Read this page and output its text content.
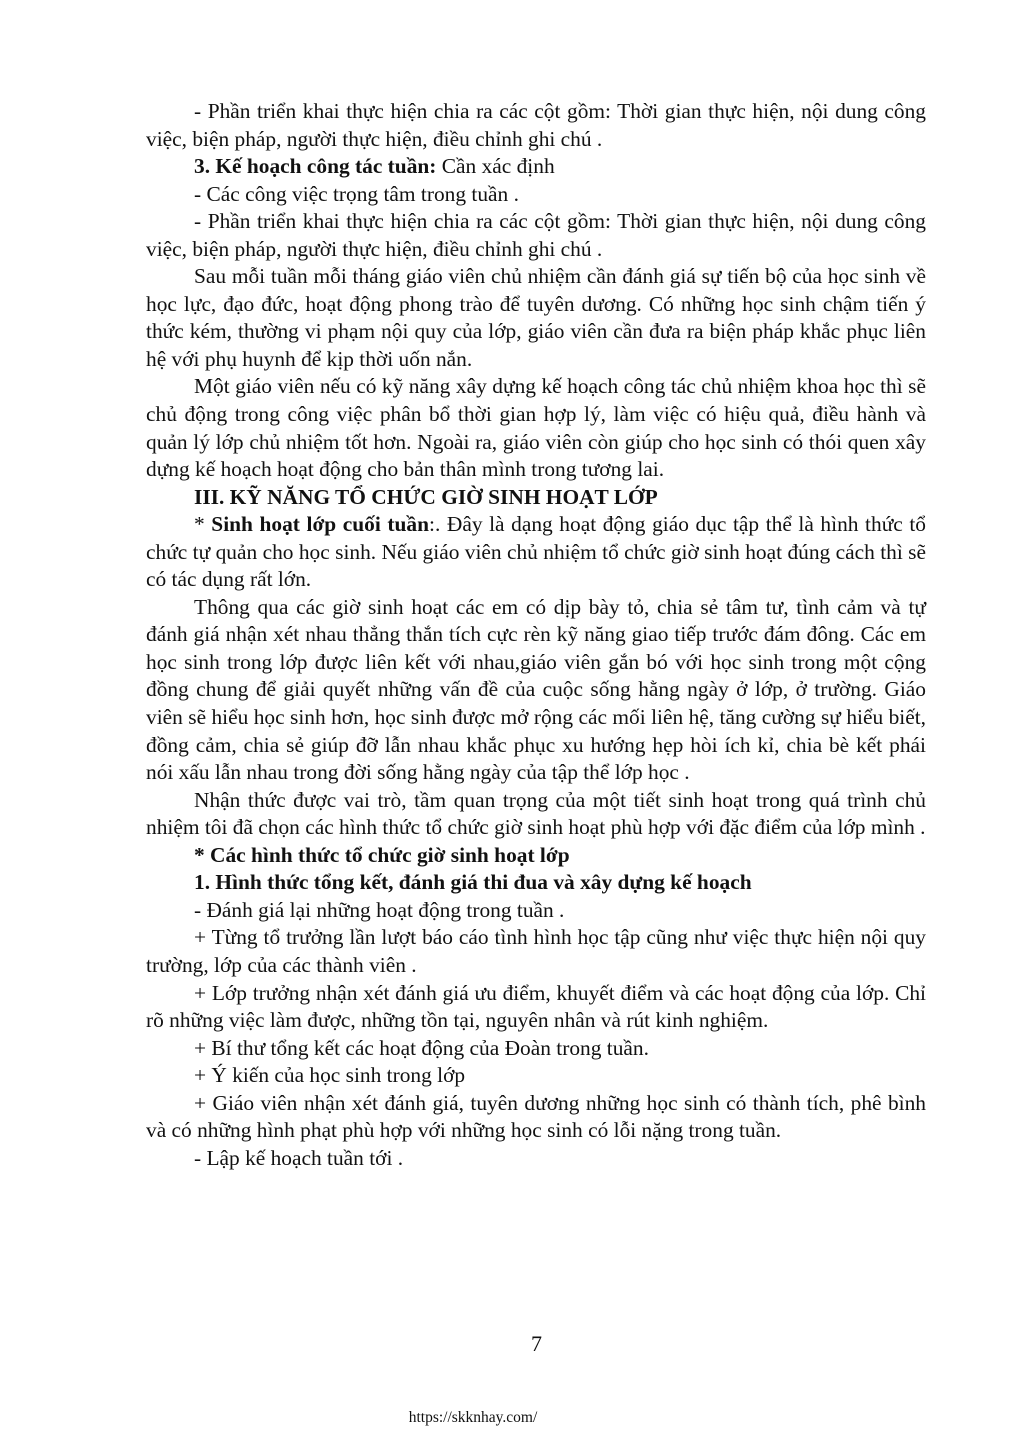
- Phần triển khai thực hiện chia ra các cột gồm: Thời gian thực hiện, nội dung công việc, biện pháp, người thực hiện, điều chỉnh ghi chú .

3. Kế hoạch công tác tuần: Cần xác định

- Các công việc trọng tâm trong tuần .

- Phần triển khai thực hiện chia ra các cột gồm: Thời gian thực hiện, nội dung công việc, biện pháp, người thực hiện, điều chỉnh ghi chú .

Sau mỗi tuần mỗi tháng giáo viên chủ nhiệm cần đánh giá sự tiến bộ của học sinh về học lực, đạo đức, hoạt động phong trào để tuyên dương. Có những học sinh chậm tiến ý thức kém, thường vi phạm nội quy của lớp, giáo viên cần đưa ra biện pháp khắc phục liên hệ với phụ huynh để kịp thời uốn nắn.

Một giáo viên nếu có kỹ năng xây dựng kế hoạch công tác chủ nhiệm khoa học thì sẽ chủ động trong công việc phân bổ thời gian hợp lý, làm việc có hiệu quả, điều hành và quản lý lớp chủ nhiệm tốt hơn. Ngoài ra, giáo viên còn giúp cho học sinh có thói quen xây dựng kế hoạch hoạt động cho bản thân mình trong tương lai.

III. KỸ NĂNG TỔ CHỨC GIỜ SINH HOẠT LỚP

* Sinh hoạt lớp cuối tuần:. Đây là dạng hoạt động giáo dục tập thể là hình thức tổ chức tự quản cho học sinh. Nếu giáo viên chủ nhiệm tổ chức giờ sinh hoạt đúng cách thì sẽ có tác dụng rất lớn.

Thông qua các giờ sinh hoạt các em có dịp bày tỏ, chia sẻ tâm tư, tình cảm và tự đánh giá nhận xét nhau thẳng thắn tích cực rèn kỹ năng giao tiếp trước đám đông. Các em học sinh trong lớp được liên kết với nhau,giáo viên gắn bó với học sinh trong một cộng đồng chung để giải quyết những vấn đề của cuộc sống hằng ngày ở lớp, ở trường. Giáo viên sẽ hiểu học sinh hơn, học sinh được mở rộng các mối liên hệ, tăng cường sự hiểu biết, đồng cảm, chia sẻ giúp đỡ lẫn nhau khắc phục xu hướng hẹp hòi ích kỉ, chia bè kết phái nói xấu lẫn nhau trong đời sống hằng ngày của tập thể lớp học .

Nhận thức được vai trò, tầm quan trọng của một tiết sinh hoạt trong quá trình chủ nhiệm tôi đã chọn các hình thức tổ chức giờ sinh hoạt phù hợp với đặc điểm của lớp mình .

* Các hình thức tổ chức giờ sinh hoạt lớp

1. Hình thức tổng kết, đánh giá thi đua và xây dựng kế hoạch

- Đánh giá lại những hoạt động trong tuần .

+ Từng tổ trưởng lần lượt báo cáo tình hình học tập cũng như việc thực hiện nội quy trường, lớp của các thành viên .

+ Lớp trưởng nhận xét đánh giá ưu điểm, khuyết điểm và các hoạt động của lớp. Chỉ rõ những việc làm được, những tồn tại, nguyên nhân và rút kinh nghiệm.

+ Bí thư tổng kết các hoạt động của Đoàn trong tuần.

+ Ý kiến của học sinh trong lớp

+ Giáo viên nhận xét đánh giá, tuyên dương những học sinh có thành tích, phê bình và có những hình phạt phù hợp với những học sinh có lỗi nặng trong tuần.

- Lập kế hoạch tuần tới .

7
https://skknhay.com/
